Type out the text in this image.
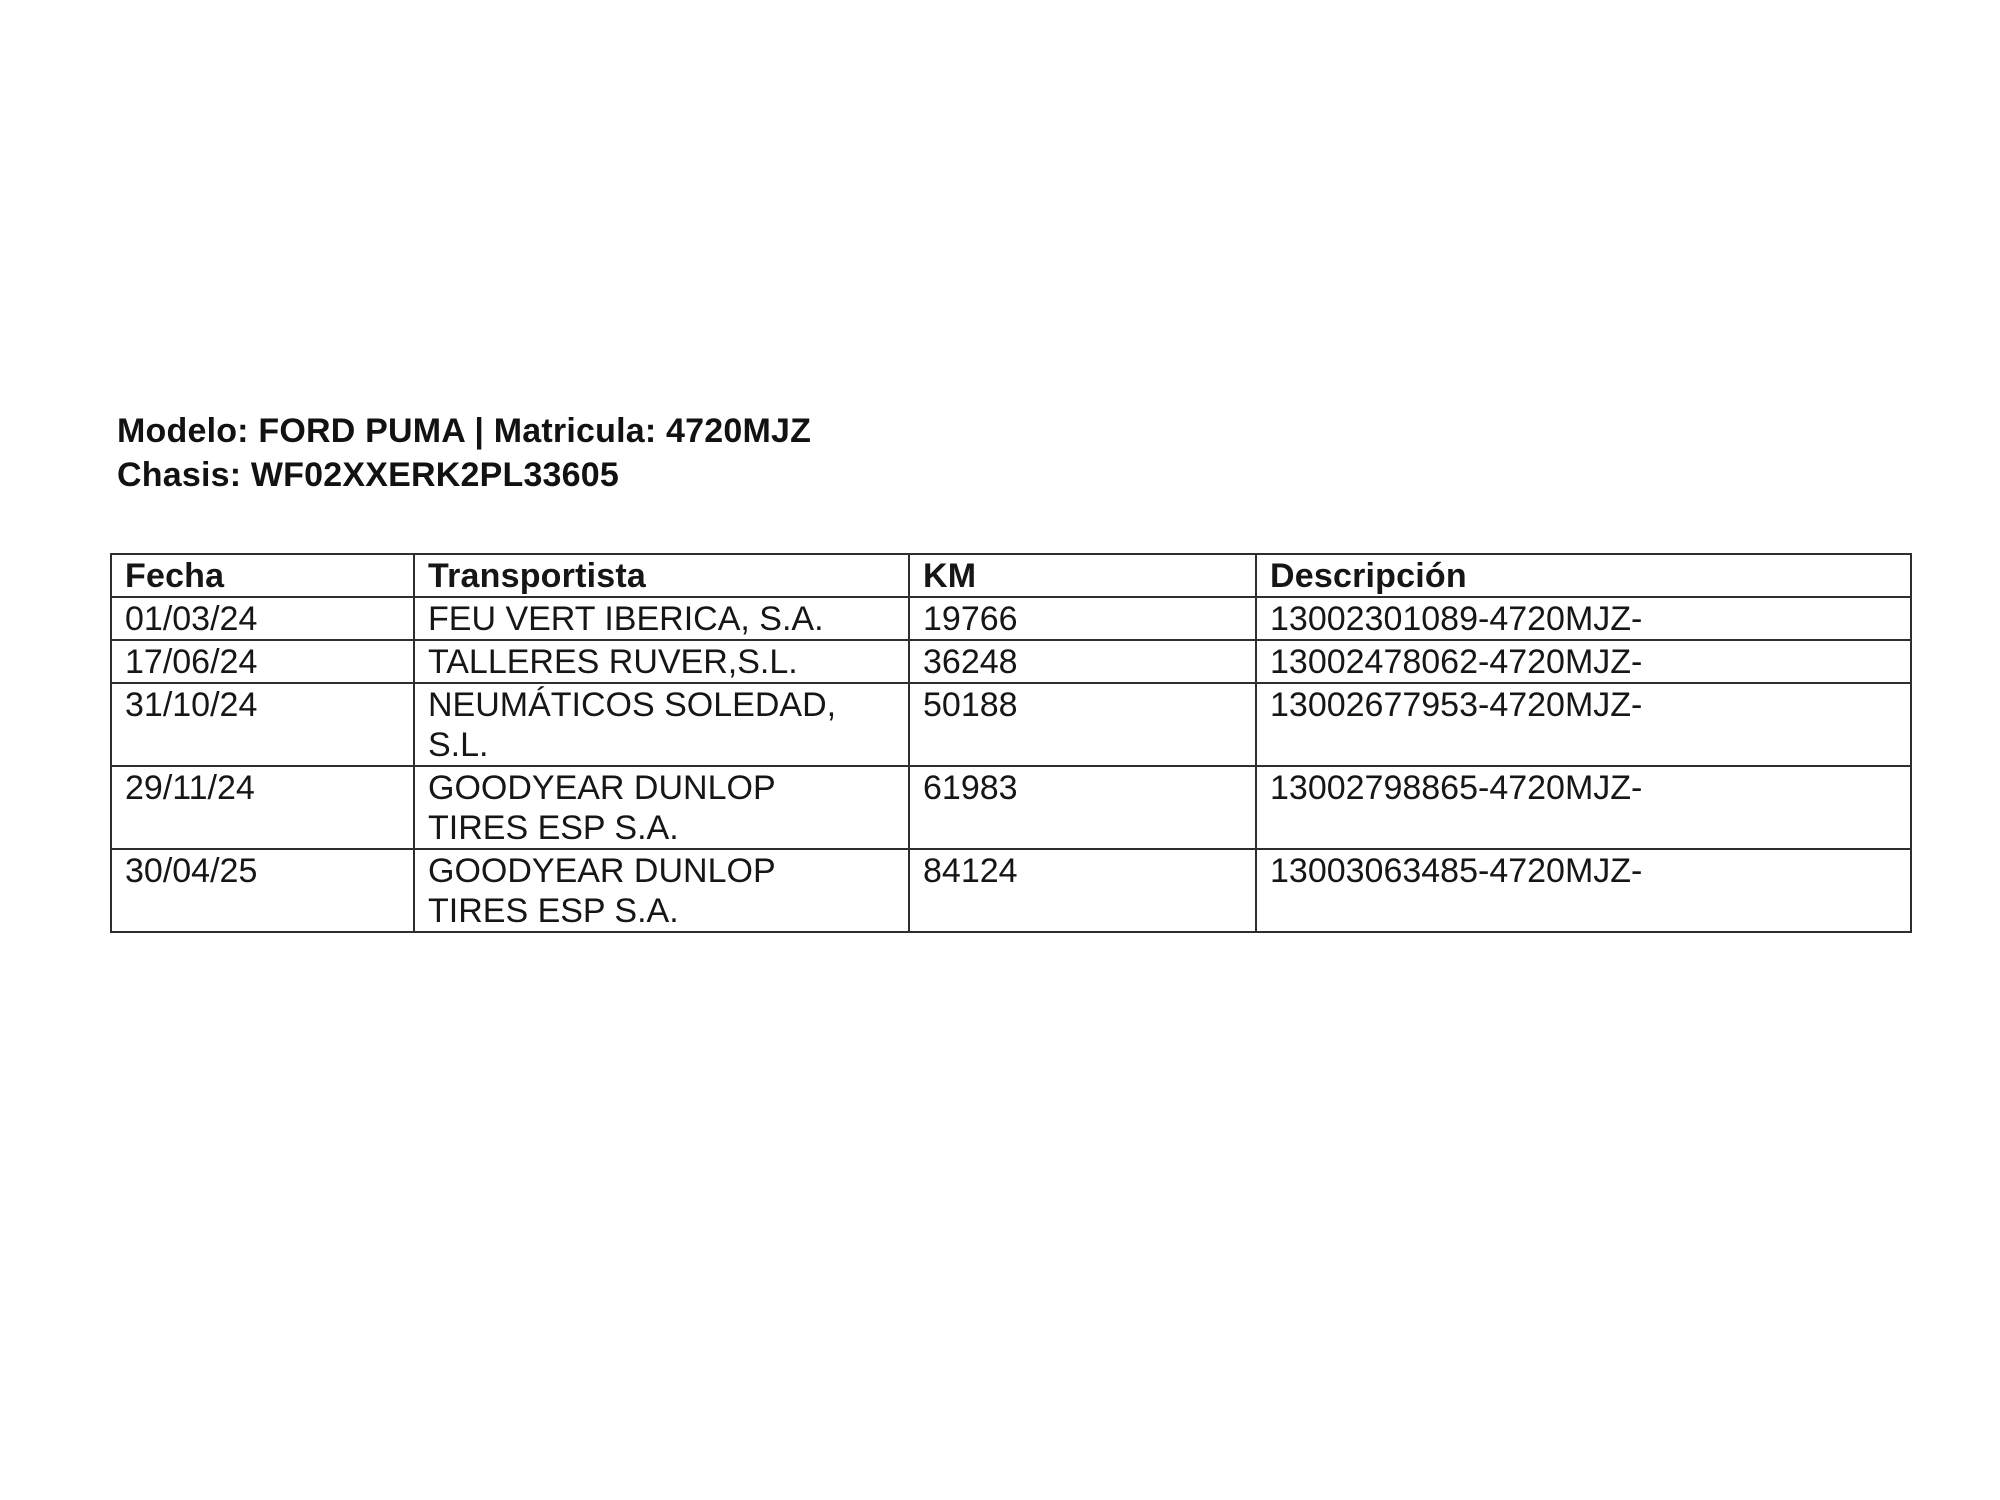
Modelo: FORD PUMA | Matricula: 4720MJZ
Chasis: WF02XXERK2PL33605
Fecha	Transportista	KM	Descripción
01/03/24	FEU VERT IBERICA, S.A.	19766	13002301089-4720MJZ-
17/06/24	TALLERES RUVER,S.L.	36248	13002478062-4720MJZ-
31/10/24	NEUMÁTICOS SOLEDAD, S.L.	50188	13002677953-4720MJZ-
29/11/24	GOODYEAR DUNLOP TIRES ESP S.A.	61983	13002798865-4720MJZ-
30/04/25	GOODYEAR DUNLOP TIRES ESP S.A.	84124	13003063485-4720MJZ-
